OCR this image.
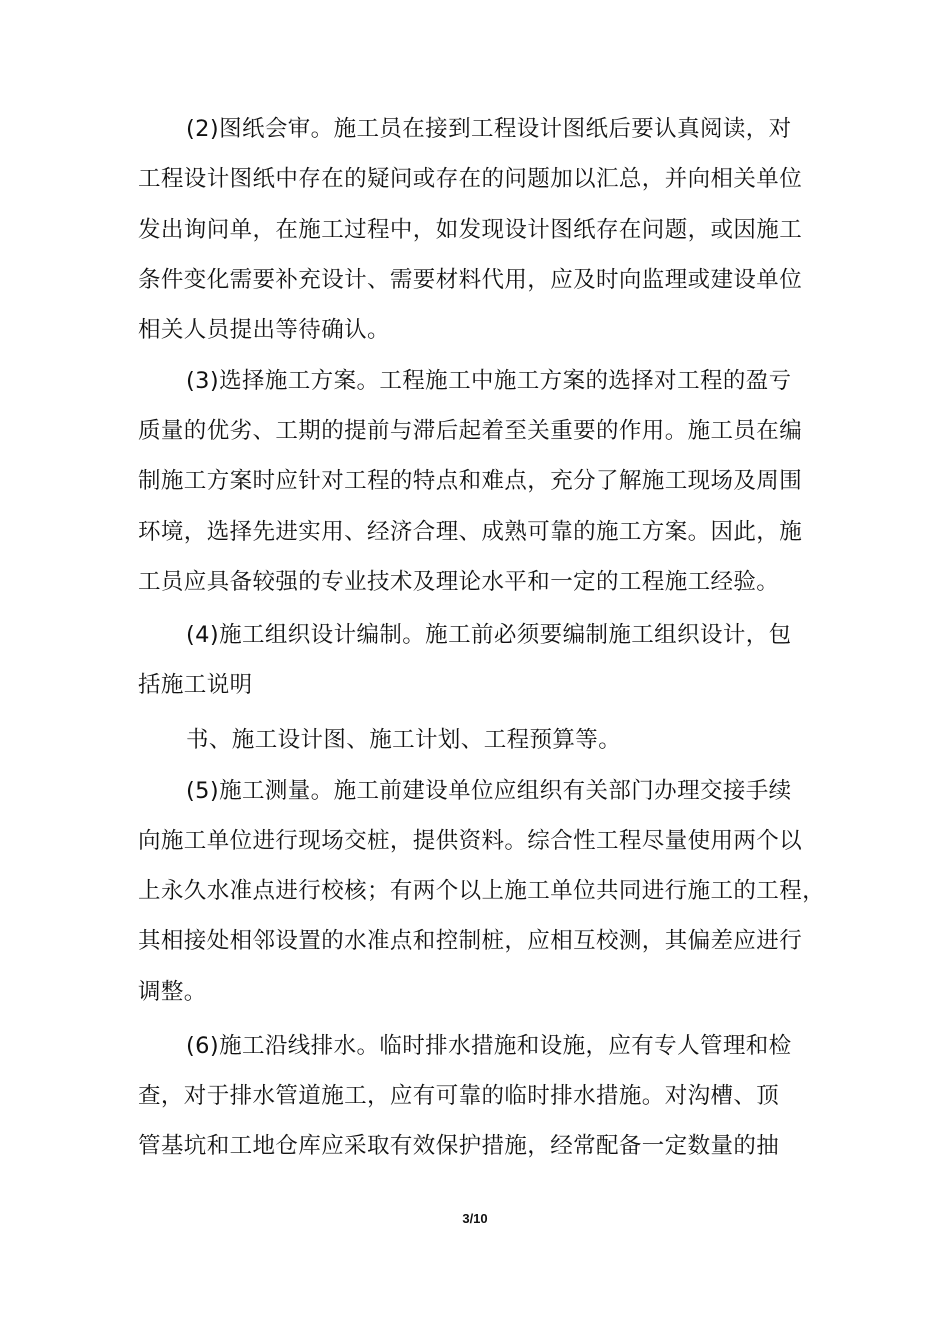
(2)图纸会审。施工员在接到工程设计图纸后要认真阅读，对
工程设计图纸中存在的疑问或存在的问题加以汇总，并向相关单位
发出询问单，在施工过程中，如发现设计图纸存在问题，或因施工
条件变化需要补充设计、需要材料代用，应及时向监理或建设单位
相关人员提出等待确认。
(3)选择施工方案。工程施工中施工方案的选择对工程的盈亏
质量的优劣、工期的提前与滞后起着至关重要的作用。施工员在编
制施工方案时应针对工程的特点和难点，充分了解施工现场及周围
环境，选择先进实用、经济合理、成熟可靠的施工方案。因此，施
工员应具备较强的专业技术及理论水平和一定的工程施工经验。
(4)施工组织设计编制。施工前必须要编制施工组织设计，包
括施工说明
书、施工设计图、施工计划、工程预算等。
(5)施工测量。施工前建设单位应组织有关部门办理交接手续
向施工单位进行现场交桩，提供资料。综合性工程尽量使用两个以
上永久水准点进行校核；有两个以上施工单位共同进行施工的工程，
其相接处相邻设置的水准点和控制桩，应相互校测，其偏差应进行
调整。
(6)施工沿线排水。临时排水措施和设施，应有专人管理和检
查，对于排水管道施工，应有可靠的临时排水措施。对沟槽、顶
管基坑和工地仓库应采取有效保护措施，经常配备一定数量的抽
3/10
